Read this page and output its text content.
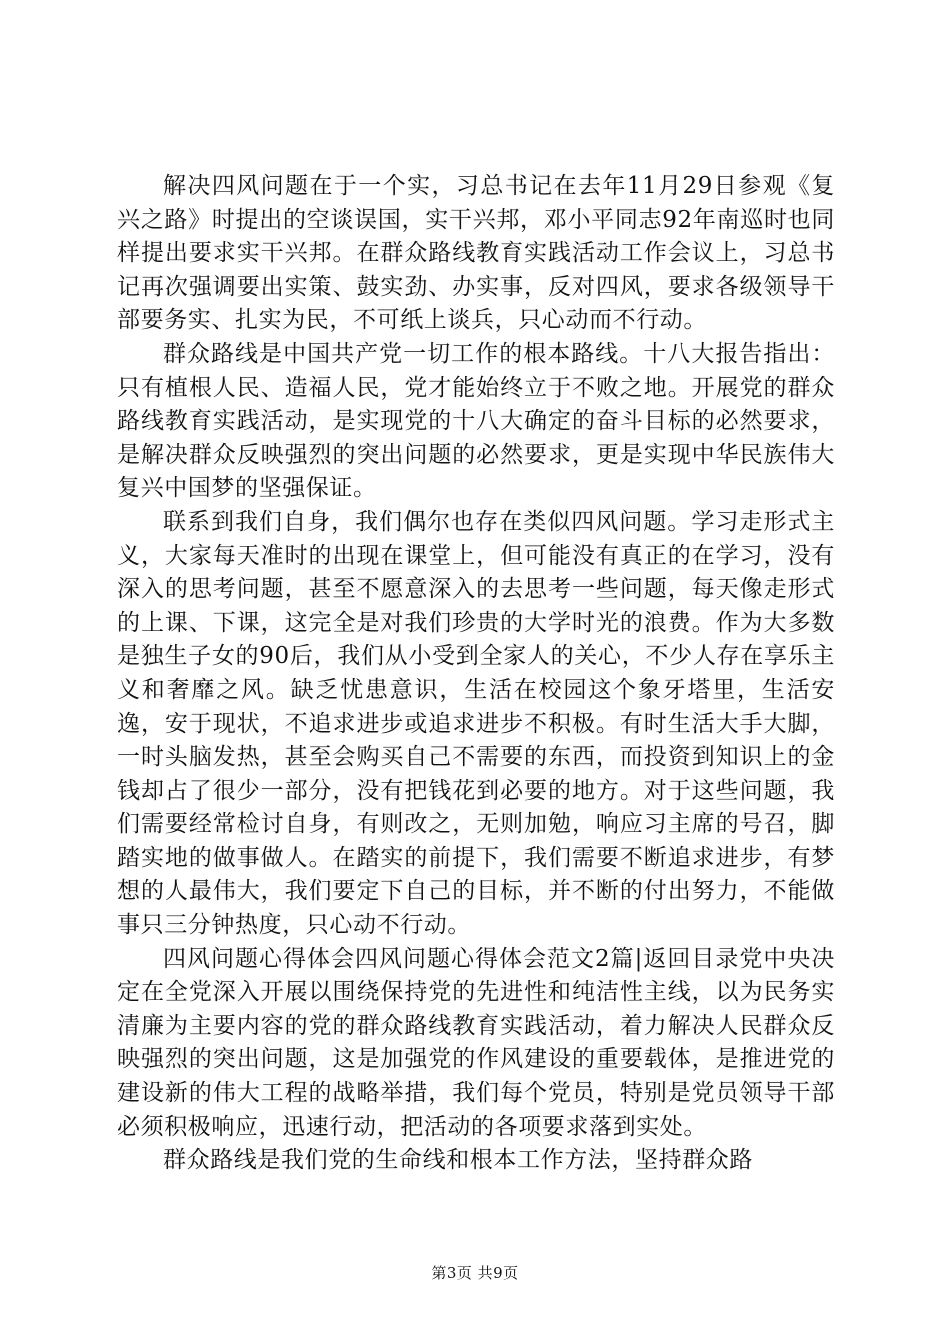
解决四风问题在于一个实，习总书记在去年11月29日参观《复兴之路》时提出的空谈误国，实干兴邦，邓小平同志92年南巡时也同样提出要求实干兴邦。在群众路线教育实践活动工作会议上，习总书记再次强调要出实策、鼓实劲、办实事，反对四风，要求各级领导干部要务实、扎实为民，不可纸上谈兵，只心动而不行动。

群众路线是中国共产党一切工作的根本路线。十八大报告指出：只有植根人民、造福人民，党才能始终立于不败之地。开展党的群众路线教育实践活动，是实现党的十八大确定的奋斗目标的必然要求，是解决群众反映强烈的突出问题的必然要求，更是实现中华民族伟大复兴中国梦的坚强保证。

联系到我们自身，我们偶尔也存在类似四风问题。学习走形式主义，大家每天准时的出现在课堂上，但可能没有真正的在学习，没有深入的思考问题，甚至不愿意深入的去思考一些问题，每天像走形式的上课、下课，这完全是对我们珍贵的大学时光的浪费。作为大多数是独生子女的90后，我们从小受到全家人的关心，不少人存在享乐主义和奢靡之风。缺乏忧患意识，生活在校园这个象牙塔里，生活安逸，安于现状，不追求进步或追求进步不积极。有时生活大手大脚，一时头脑发热，甚至会购买自己不需要的东西，而投资到知识上的金钱却占了很少一部分，没有把钱花到必要的地方。对于这些问题，我们需要经常检讨自身，有则改之，无则加勉，响应习主席的号召，脚踏实地的做事做人。在踏实的前提下，我们需要不断追求进步，有梦想的人最伟大，我们要定下自己的目标，并不断的付出努力，不能做事只三分钟热度，只心动不行动。

四风问题心得体会四风问题心得体会范文2篇|返回目录党中央决定在全党深入开展以围绕保持党的先进性和纯洁性主线，以为民务实清廉为主要内容的党的群众路线教育实践活动，着力解决人民群众反映强烈的突出问题，这是加强党的作风建设的重要载体，是推进党的建设新的伟大工程的战略举措，我们每个党员，特别是党员领导干部必须积极响应，迅速行动，把活动的各项要求落到实处。

群众路线是我们党的生命线和根本工作方法，坚持群众路

第3页 共9页
